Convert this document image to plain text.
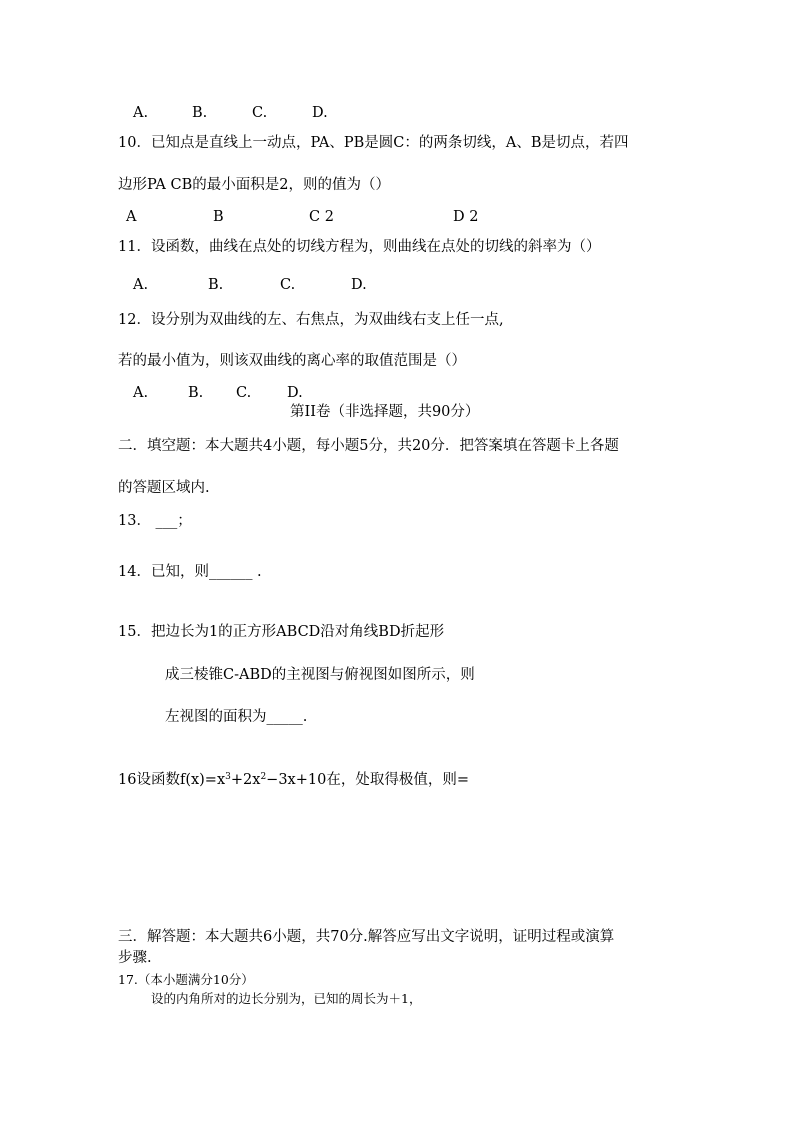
A.	B.	C.	D.
10．已知点是直线上一动点，PA、PB是圆C：的两条切线，A、B是切点，若四
边形PA CB的最小面积是2，则的值为（）
A	B	C 2	D 2
11．设函数，曲线在点处的切线方程为，则曲线在点处的切线的斜率为（）
A.	B.	C.	D.
12．设分别为双曲线的左、右焦点，为双曲线右支上任一点,
若的最小值为，则该双曲线的离心率的取值范围是（）
A.	B. C. D.
第II卷（非选择题，共90分）
二．填空题：本大题共4小题，每小题5分，共20分．把答案填在答题卡上各题
的答题区域内.
13． ___；
14．已知，则______ .
15．把边长为1的正方形ABCD沿对角线BD折起形
成三棱锥C-ABD的主视图与俯视图如图所示，则
左视图的面积为_____.
16设函数$f(x)=x^3+2x^2-3x+10$在，处取得极值，则=
三．解答题：本大题共6小题，共70分.解答应写出文字说明，证明过程或演算
步骤.
17.（本小题满分10分）
设的内角所对的边长分别为，已知的周长为＋1，
